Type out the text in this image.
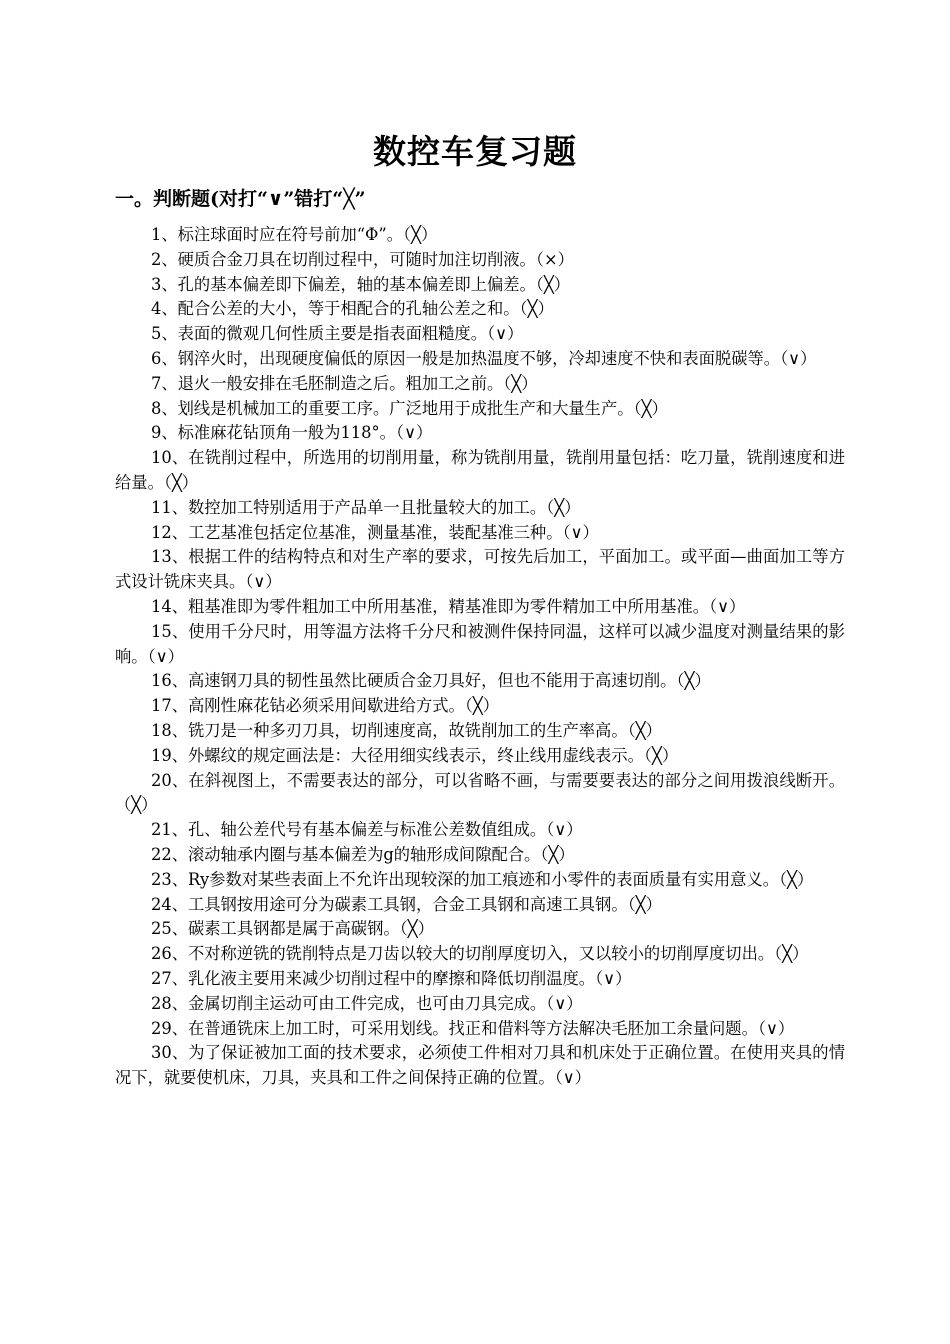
数控车复习题
一。判断题(对打“∨”错打“╳”
1、标注球面时应在符号前加“Φ”。（╳）
2、硬质合金刀具在切削过程中，可随时加注切削液。（×）
3、孔的基本偏差即下偏差，轴的基本偏差即上偏差。（╳）
4、配合公差的大小，等于相配合的孔轴公差之和。（╳）
5、表面的微观几何性质主要是指表面粗糙度。（∨）
6、钢淬火时，出现硬度偏低的原因一般是加热温度不够，冷却速度不快和表面脱碳等。（∨）
7、退火一般安排在毛胚制造之后。粗加工之前。（╳）
8、划线是机械加工的重要工序。广泛地用于成批生产和大量生产。（╳）
9、标准麻花钻顶角一般为118°。（∨）
10、在铣削过程中，所选用的切削用量，称为铣削用量，铣削用量包括：吃刀量，铣削速度和进给量。（╳）
11、数控加工特别适用于产品单一且批量较大的加工。（╳）
12、工艺基准包括定位基准，测量基准，装配基准三种。（∨）
13、根据工件的结构特点和对生产率的要求，可按先后加工，平面加工。或平面—曲面加工等方式设计铣床夹具。（∨）
14、粗基准即为零件粗加工中所用基准，精基准即为零件精加工中所用基准。（∨）
15、使用千分尺时，用等温方法将千分尺和被测件保持同温，这样可以减少温度对测量结果的影响。（∨）
16、高速钢刀具的韧性虽然比硬质合金刀具好，但也不能用于高速切削。（╳）
17、高刚性麻花钻必须采用间歇进给方式。（╳）
18、铣刀是一种多刃刀具，切削速度高，故铣削加工的生产率高。（╳）
19、外螺纹的规定画法是：大径用细实线表示，终止线用虚线表示。（╳）
20、在斜视图上，不需要表达的部分，可以省略不画，与需要要表达的部分之间用拨浪线断开。（╳）
21、孔、轴公差代号有基本偏差与标准公差数值组成。（∨）
22、滚动轴承内圈与基本偏差为g的轴形成间隙配合。（╳）
23、Ry参数对某些表面上不允许出现较深的加工痕迹和小零件的表面质量有实用意义。（╳）
24、工具钢按用途可分为碳素工具钢，合金工具钢和高速工具钢。（╳）
25、碳素工具钢都是属于高碳钢。（╳）
26、不对称逆铣的铣削特点是刀齿以较大的切削厚度切入，又以较小的切削厚度切出。（╳）
27、乳化液主要用来减少切削过程中的摩擦和降低切削温度。（∨）
28、金属切削主运动可由工件完成，也可由刀具完成。（∨）
29、在普通铣床上加工时，可采用划线。找正和借料等方法解决毛胚加工余量问题。（∨）
30、为了保证被加工面的技术要求，必须使工件相对刀具和机床处于正确位置。在使用夹具的情况下，就要使机床，刀具，夹具和工件之间保持正确的位置。（∨）
